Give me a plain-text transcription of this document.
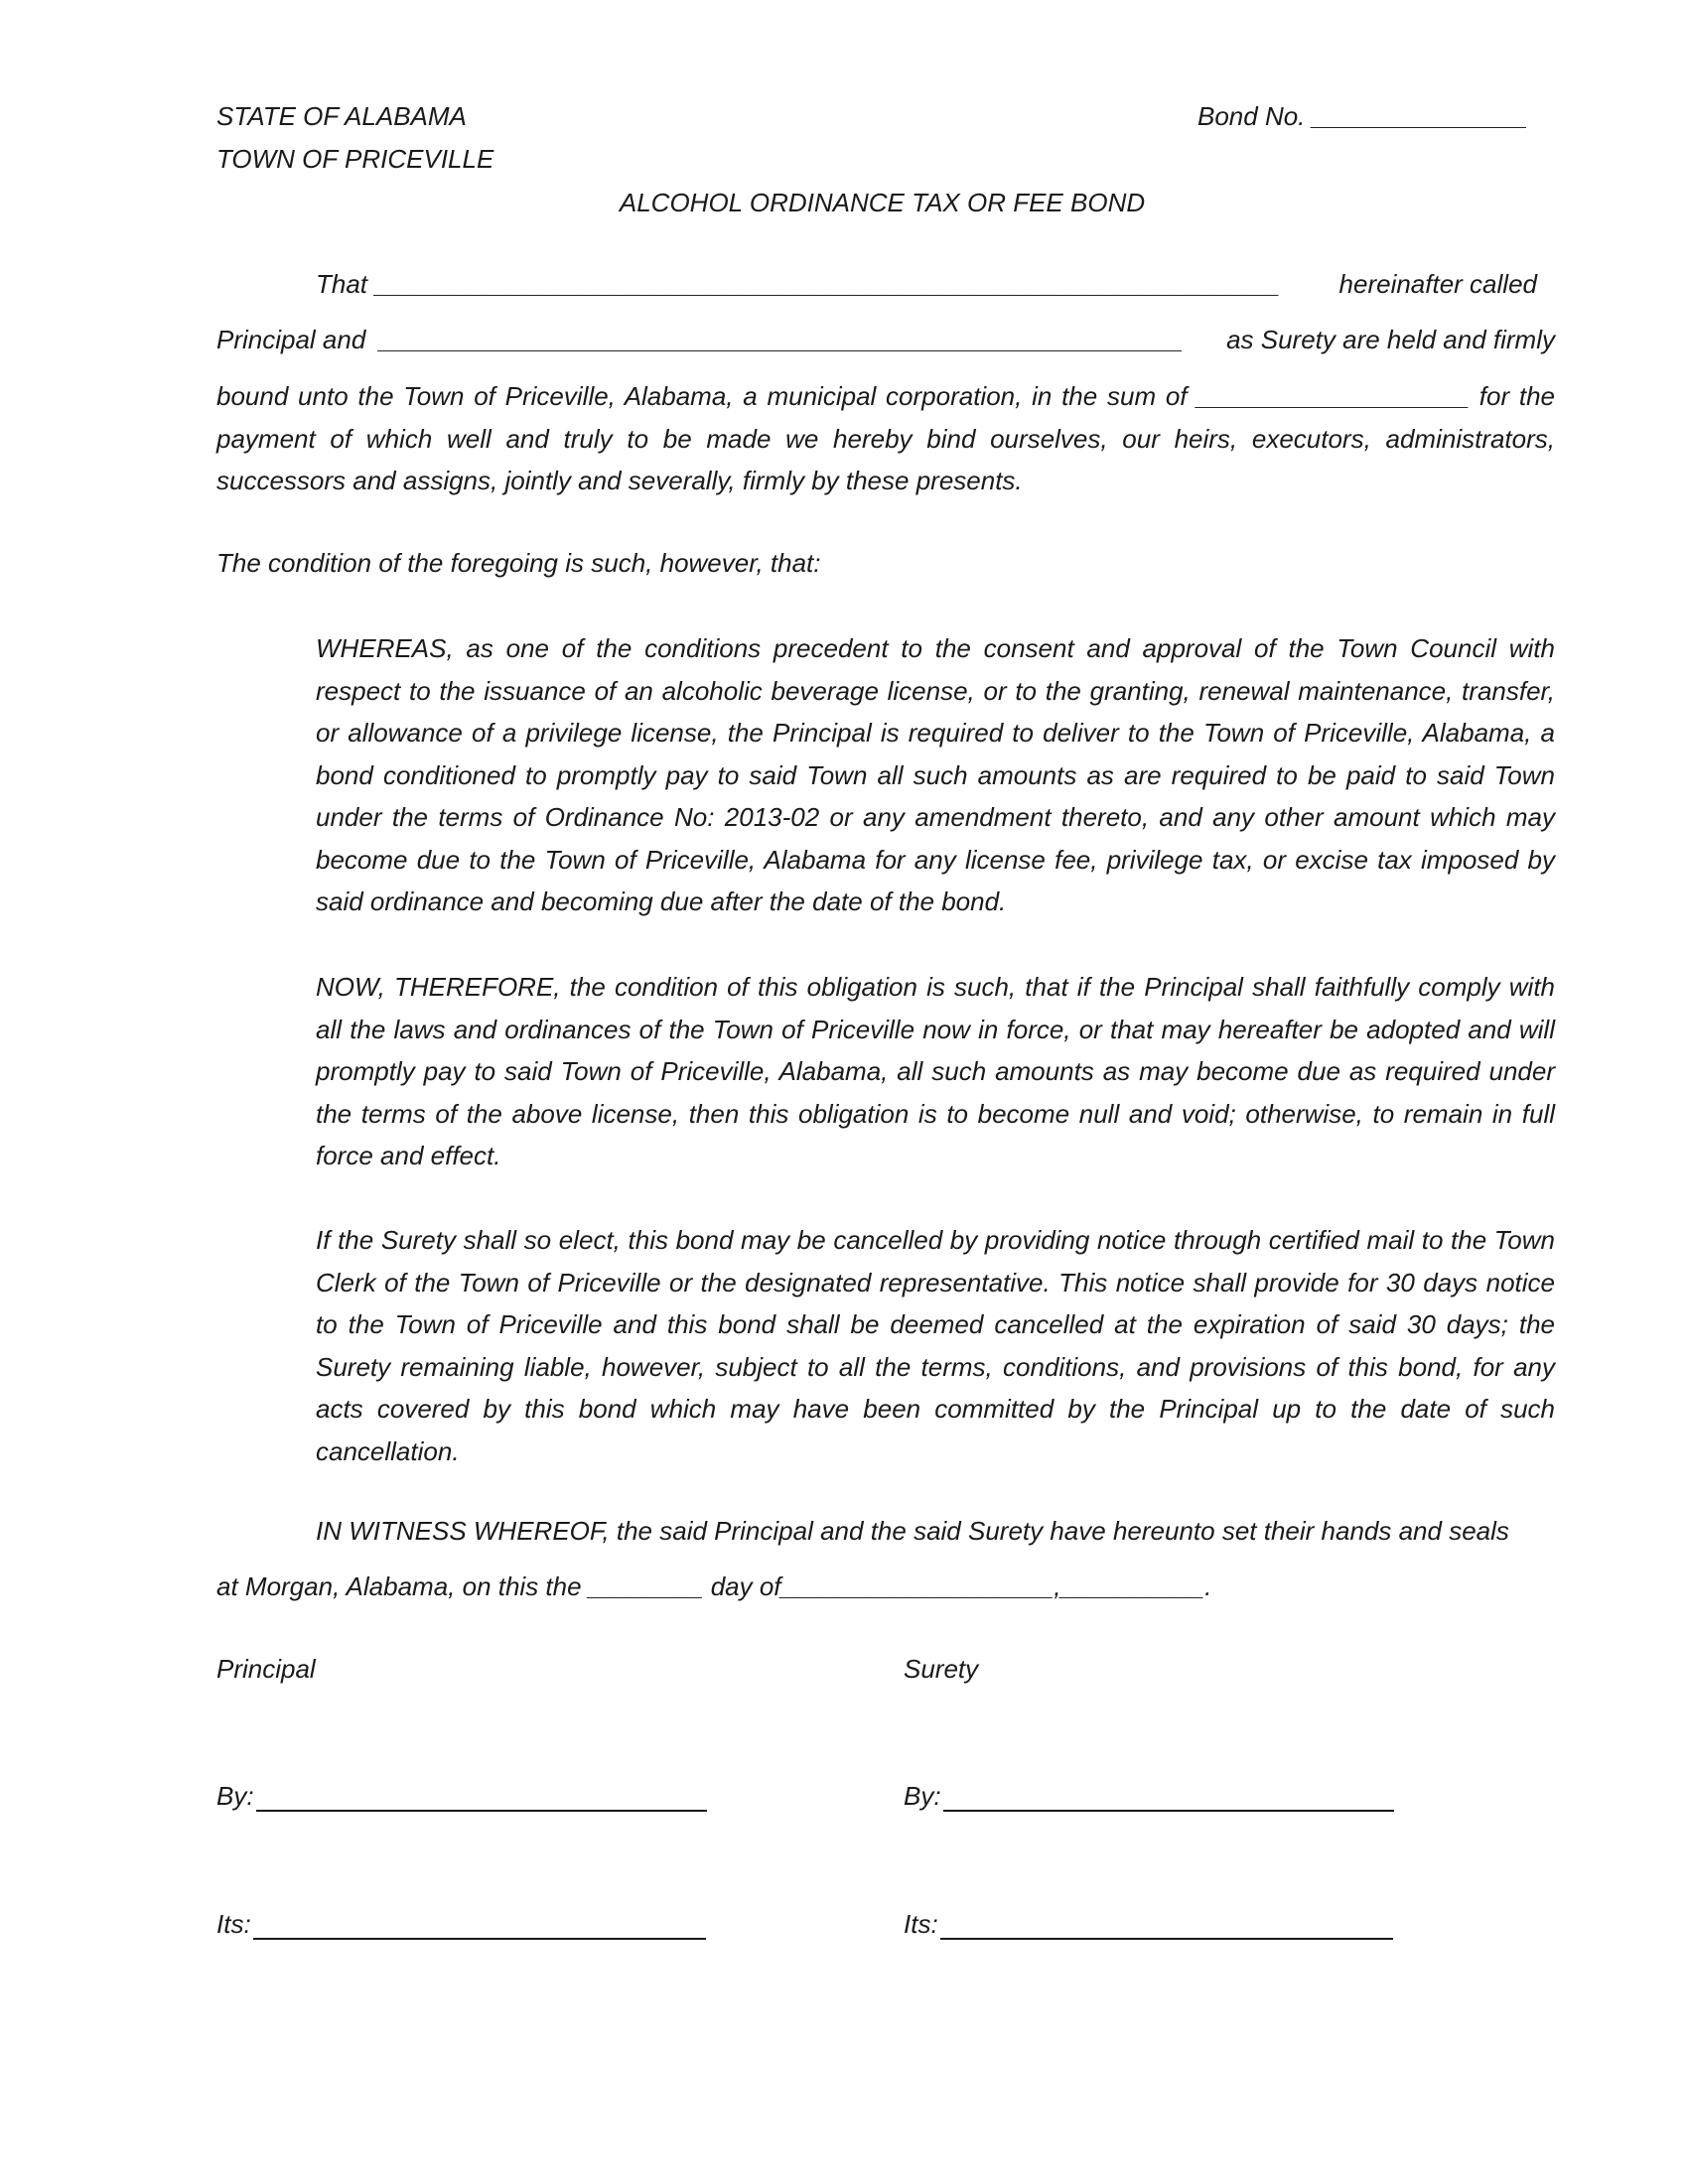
STATE OF ALABAMA
TOWN OF PRICEVILLE
Bond No. _______________
ALCOHOL ORDINANCE TAX OR FEE BOND
That _______________________________________________________________ hereinafter called
Principal and ________________________________________________________ as Surety are held and firmly
bound unto the Town of Priceville, Alabama, a municipal corporation, in the sum of ___________________ for the payment of which well and truly to be made we hereby bind ourselves, our heirs, executors, administrators, successors and assigns, jointly and severally, firmly by these presents.
The condition of the foregoing is such, however, that:
WHEREAS, as one of the conditions precedent to the consent and approval of the Town Council with respect to the issuance of an alcoholic beverage license, or to the granting, renewal maintenance, transfer, or allowance of a privilege license, the Principal is required to deliver to the Town of Priceville, Alabama, a bond conditioned to promptly pay to said Town all such amounts as are required to be paid to said Town under the terms of Ordinance No: 2013-02 or any amendment thereto, and any other amount which may become due to the Town of Priceville, Alabama for any license fee, privilege tax, or excise tax imposed by said ordinance and becoming due after the date of the bond.
NOW, THEREFORE, the condition of this obligation is such, that if the Principal shall faithfully comply with all the laws and ordinances of the Town of Priceville now in force, or that may hereafter be adopted and will promptly pay to said Town of Priceville, Alabama, all such amounts as may become due as required under the terms of the above license, then this obligation is to become null and void; otherwise, to remain in full force and effect.
If the Surety shall so elect, this bond may be cancelled by providing notice through certified mail to the Town Clerk of the Town of Priceville or the designated representative. This notice shall provide for 30 days notice to the Town of Priceville and this bond shall be deemed cancelled at the expiration of said 30 days; the Surety remaining liable, however, subject to all the terms, conditions, and provisions of this bond, for any acts covered by this bond which may have been committed by the Principal up to the date of such cancellation.
IN WITNESS WHEREOF, the said Principal and the said Surety have hereunto set their hands and seals
at Morgan, Alabama, on this the ________ day of___________________,__________.
Principal	Surety
By:	By:
Its:	Its:
